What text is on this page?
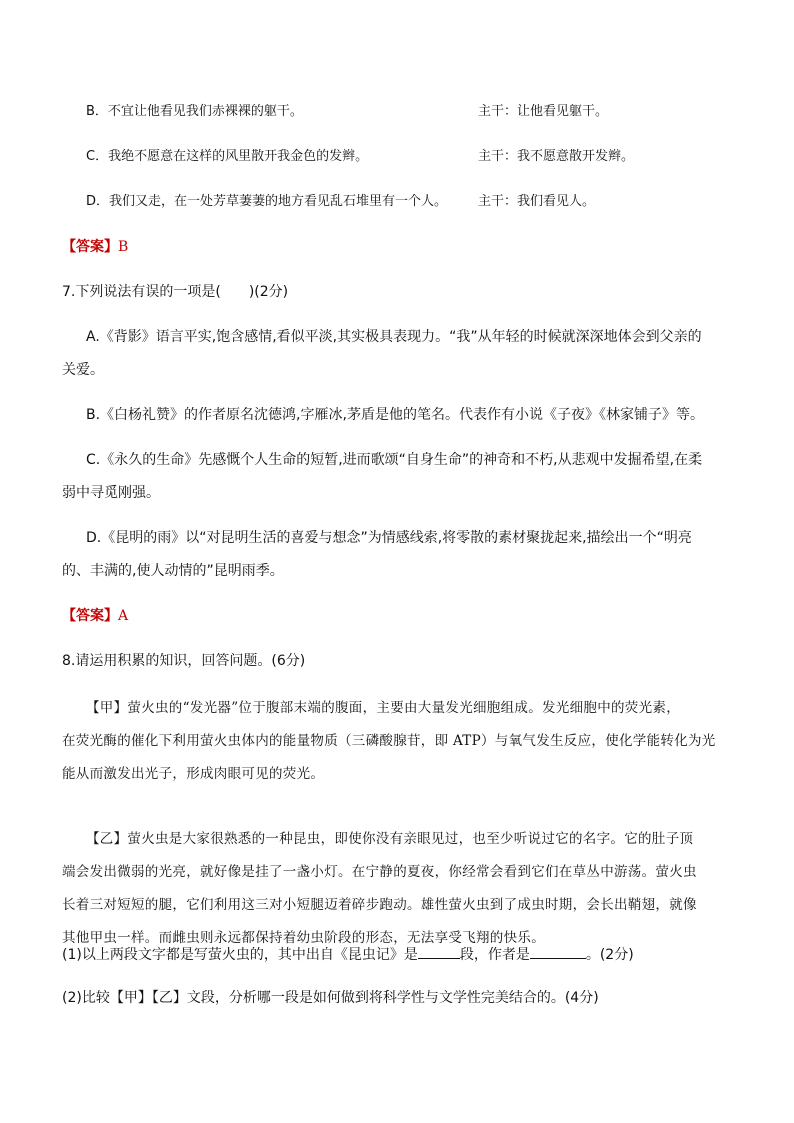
B．不宜让他看见我们赤裸裸的躯干。	主干：让他看见躯干。
C．我绝不愿意在这样的风里散开我金色的发辫。	主干：我不愿意散开发辫。
D．我们又走，在一处芳草萋萋的地方看见乱石堆里有一个人。 主干：我们看见人。
【答案】B
7.下列说法有误的一项是(　　)(2分)
A.《背影》语言平实,饱含感情,看似平淡,其实极具表现力。“我”从年轻的时候就深深地体会到父亲的
关爱。
B.《白杨礼赞》的作者原名沈德鸿,字雁冰,茅盾是他的笔名。代表作有小说《子夜》《林家铺子》等。
C.《永久的生命》先感慨个人生命的短暂,进而歌颂“自身生命”的神奇和不朽,从悲观中发掘希望,在柔
弱中寻觅刚强。
D.《昆明的雨》以“对昆明生活的喜爱与想念”为情感线索,将零散的素材聚拢起来,描绘出一个“明亮
的、丰满的,使人动情的”昆明雨季。
【答案】A
8.请运用积累的知识，回答问题。(6分)
【甲】萤火虫的“发光器”位于腹部末端的腹面，主要由大量发光细胞组成。发光细胞中的荧光素，
在荧光酶的催化下利用萤火虫体内的能量物质（三磷酸腺苷，即 ATP）与氧气发生反应，使化学能转化为光
能从而激发出光子，形成肉眼可见的荧光。
【乙】萤火虫是大家很熟悉的一种昆虫，即使你没有亲眼见过，也至少听说过它的名字。它的肚子顶
端会发出微弱的光亮，就好像是挂了一盏小灯。在宁静的夏夜，你经常会看到它们在草丛中游荡。萤火虫
长着三对短短的腿，它们利用这三对小短腿迈着碎步跑动。雄性萤火虫到了成虫时期，会长出鞘翅，就像
其他甲虫一样。而雌虫则永远都保持着幼虫阶段的形态，无法享受飞翔的快乐。
(1)以上两段文字都是写萤火虫的，其中出自《昆虫记》是	段，作者是	。(2分)
(2)比较【甲】【乙】文段，分析哪一段是如何做到将科学性与文学性完美结合的。(4分)
